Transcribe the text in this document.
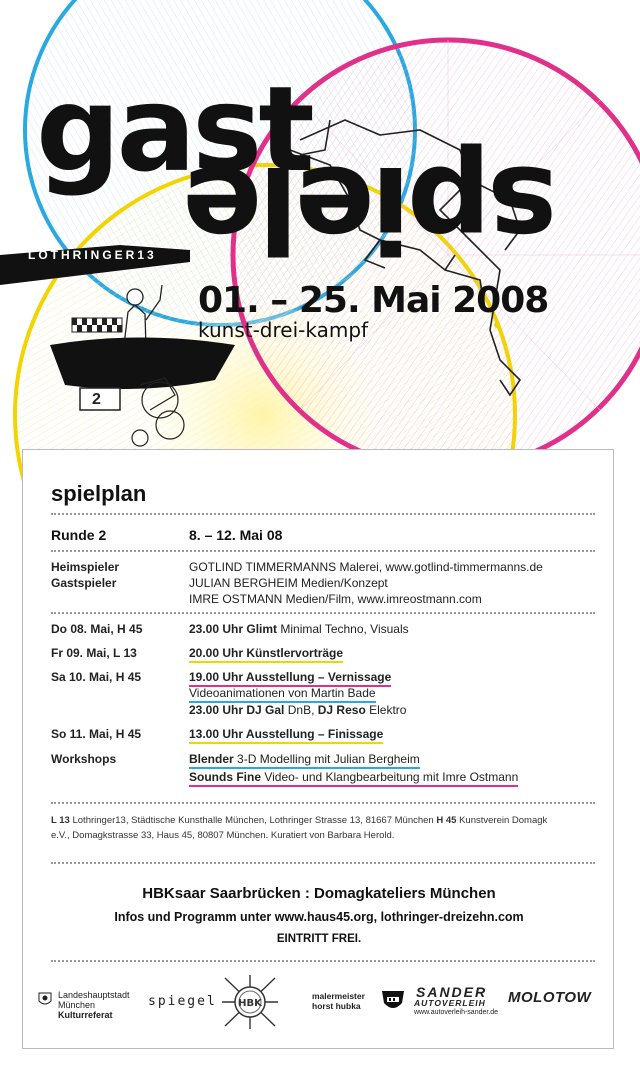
gast
spiele
LOTHRINGER13
01. – 25. Mai 2008
kunst-drei-kampf
2
spielplan
Runde 2	8. – 12. Mai 08
Heimspieler
Gastspieler
GOTLIND TIMMERMANNS Malerei, www.gotlind-timmermanns.de
JULIAN BERGHEIM Medien/Konzept
IMRE OSTMANN Medien/Film, www.imreostmann.com
Do 08. Mai, H 45	23.00 Uhr Glimt Minimal Techno, Visuals
Fr 09. Mai, L 13	20.00 Uhr Künstlervorträge
Sa 10. Mai, H 45	19.00 Uhr Ausstellung – Vernissage
Videoanimationen von Martin Bade
23.00 Uhr DJ Gal DnB, DJ Reso Elektro
So 11. Mai, H 45	13.00 Uhr Ausstellung – Finissage
Workshops	Blender 3-D Modelling mit Julian Bergheim
Sounds Fine Video- und Klangbearbeitung mit Imre Ostmann
L 13 Lothringer13, Städtische Kunsthalle München, Lothringer Strasse 13, 81667 München H 45 Kunstverein Domagk
e.V., Domagkstrasse 33, Haus 45, 80807 München. Kuratiert von Barbara Herold.
HBKsaar Saarbrücken : Domagkateliers München
Infos und Programm unter www.haus45.org, lothringer-dreizehn.com
EINTRITT FREI.
Landeshauptstadt
München
Kulturreferat
spiegel HBK
malermeister
horst hubka
SANDER
AUTOVERLEIH
www.autoverleih-sander.de
MOLOTOW
